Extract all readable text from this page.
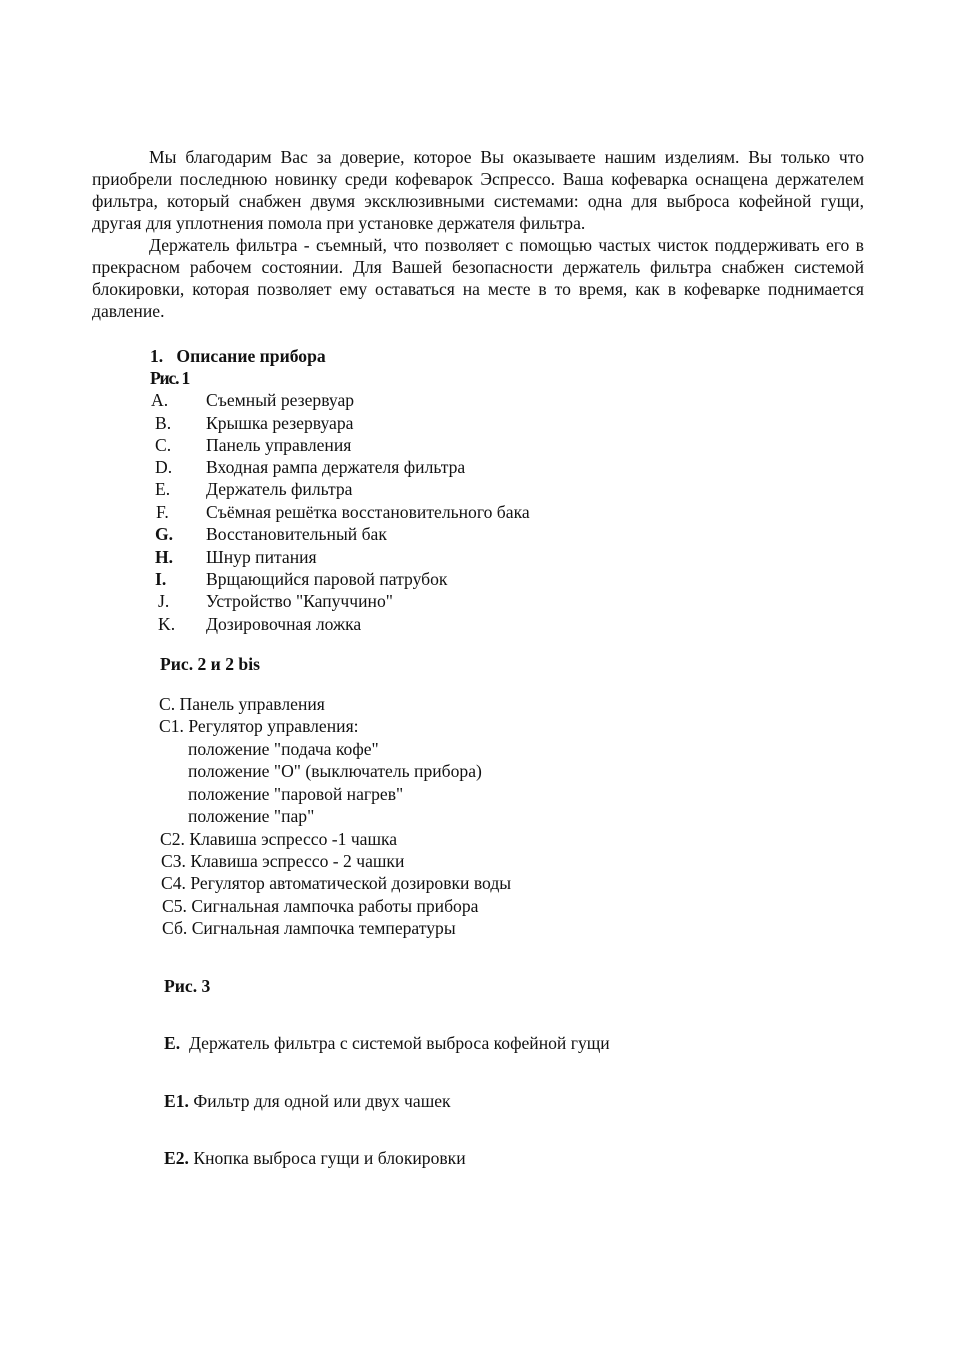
Мы благодарим Вас за доверие, которое Вы оказываете нашим изделиям. Вы только что приобрели последнюю новинку среди кофеварок Эспрессо. Ваша кофеварка оснащена держателем фильтра, который снабжен двумя эксклюзивными системами: одна для выброса кофейной гущи, другая для уплотнения помола при установке держателя фильтра.

Держатель фильтра - съемный, что позволяет с помощью частых чисток поддерживать его в прекрасном рабочем состоянии. Для Вашей безопасности держатель фильтра снабжен системой блокировки, которая позволяет ему оставаться на месте в то время, как в кофеварке поднимается давление.

1. Описание прибора
Рис. 1
A.	Съемный резервуар
B.	Крышка резервуара
C.	Панель управления
D.	Входная рампа держателя фильтра
E.	Держатель фильтра
F.	Съёмная решётка восстановительного бака
G.	Восстановительный бак
H.	Шнур питания
I.	Врщающийся паровой патрубок
J.	Устройство "Капуччино"
K.	Дозировочная ложка
Рис. 2 и 2 bis
С. Панель управления
С1. Регулятор управления:
положение "подача кофе"
положение "О" (выключатель прибора)
положение "паровой нагрев"
положение "пар"
С2. Клавиша эспрессо -1 чашка
СЗ. Клавиша эспрессо - 2 чашки
С4. Регулятор автоматической дозировки воды
С5. Сигнальная лампочка работы прибора
Сб. Сигнальная лампочка температуры
Рис. 3
Е. Держатель фильтра с системой выброса кофейной гущи
Е1. Фильтр для одной или двух чашек
Е2. Кнопка выброса гущи и блокировки
